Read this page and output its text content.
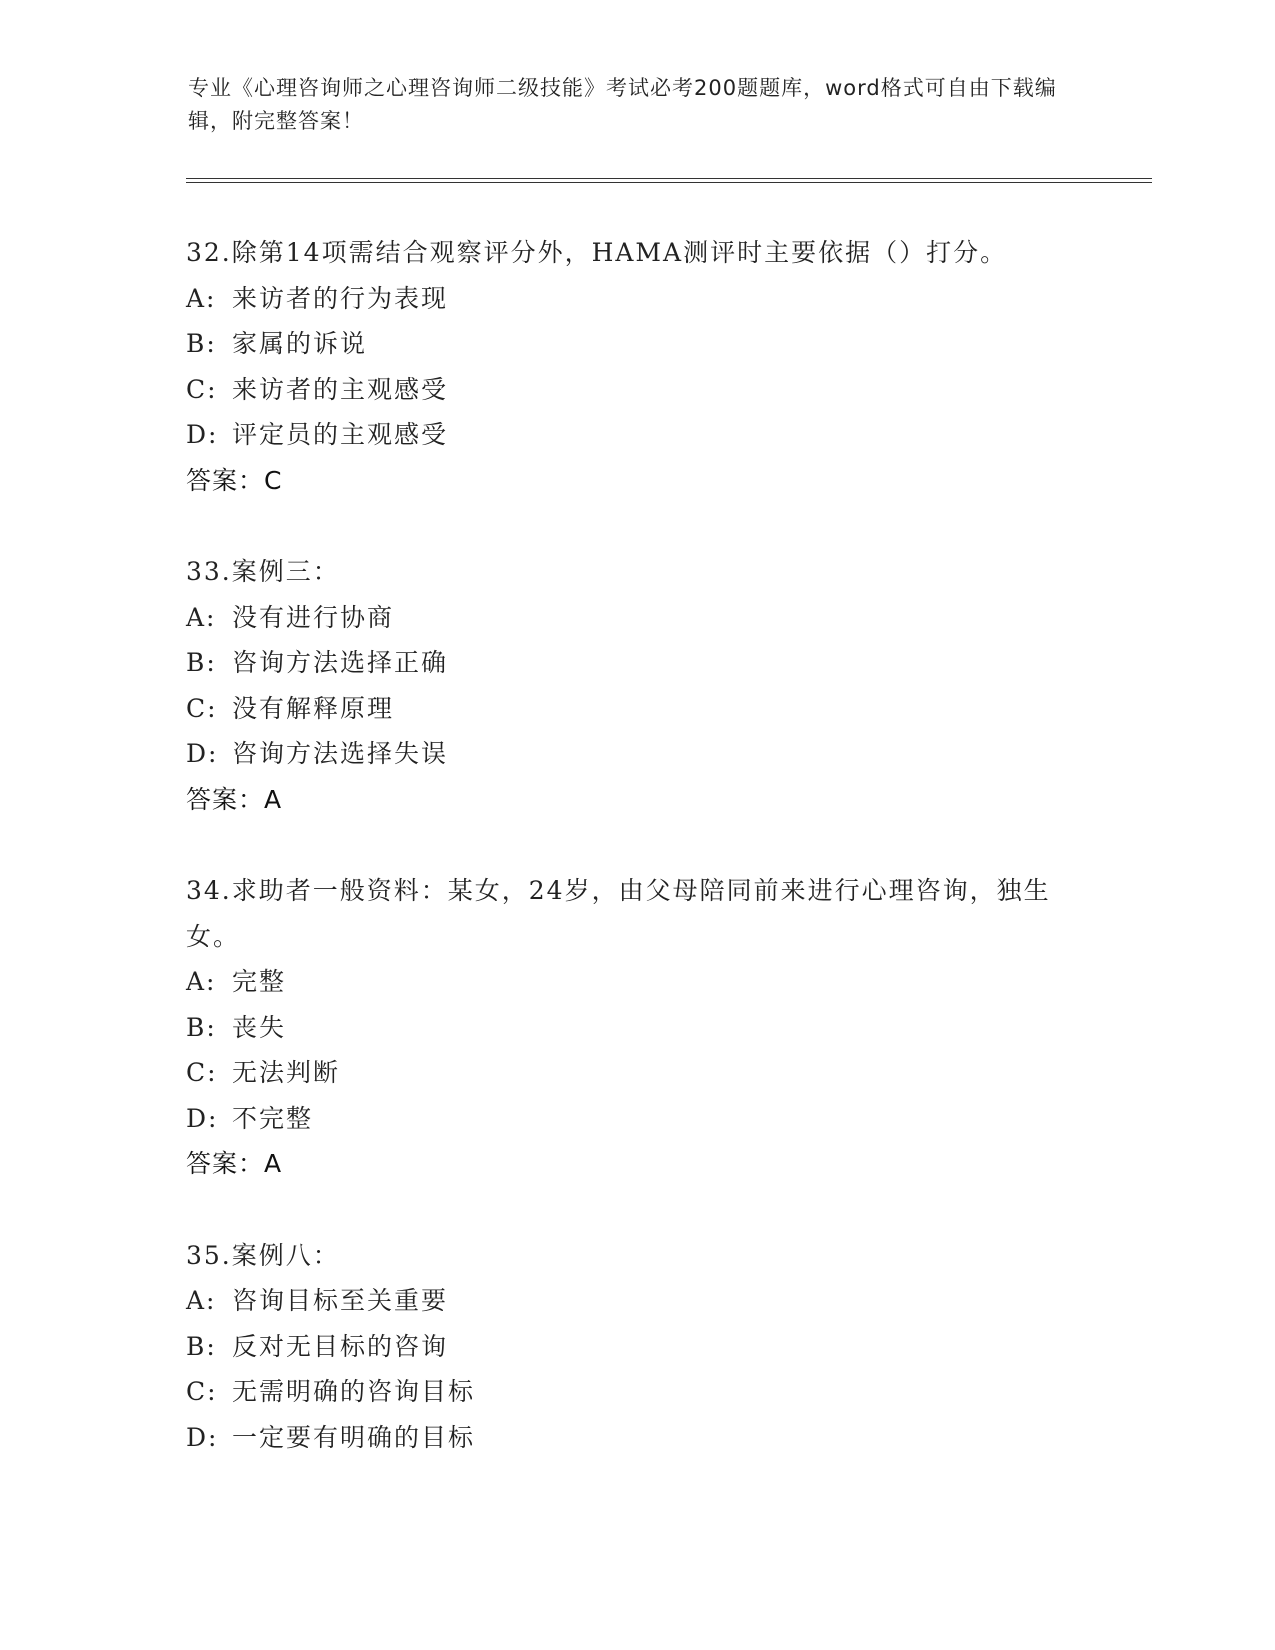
专业《心理咨询师之心理咨询师二级技能》考试必考200题题库，word格式可自由下载编辑，附完整答案！
32.除第14项需结合观察评分外，HAMA测评时主要依据（）打分。
A: 来访者的行为表现
B: 家属的诉说
C: 来访者的主观感受
D: 评定员的主观感受
答案：C
33.案例三：
A: 没有进行协商
B: 咨询方法选择正确
C: 没有解释原理
D: 咨询方法选择失误
答案：A
34.求助者一般资料：某女，24岁，由父母陪同前来进行心理咨询，独生女。
A: 完整
B: 丧失
C: 无法判断
D: 不完整
答案：A
35.案例八：
A: 咨询目标至关重要
B: 反对无目标的咨询
C: 无需明确的咨询目标
D: 一定要有明确的目标
